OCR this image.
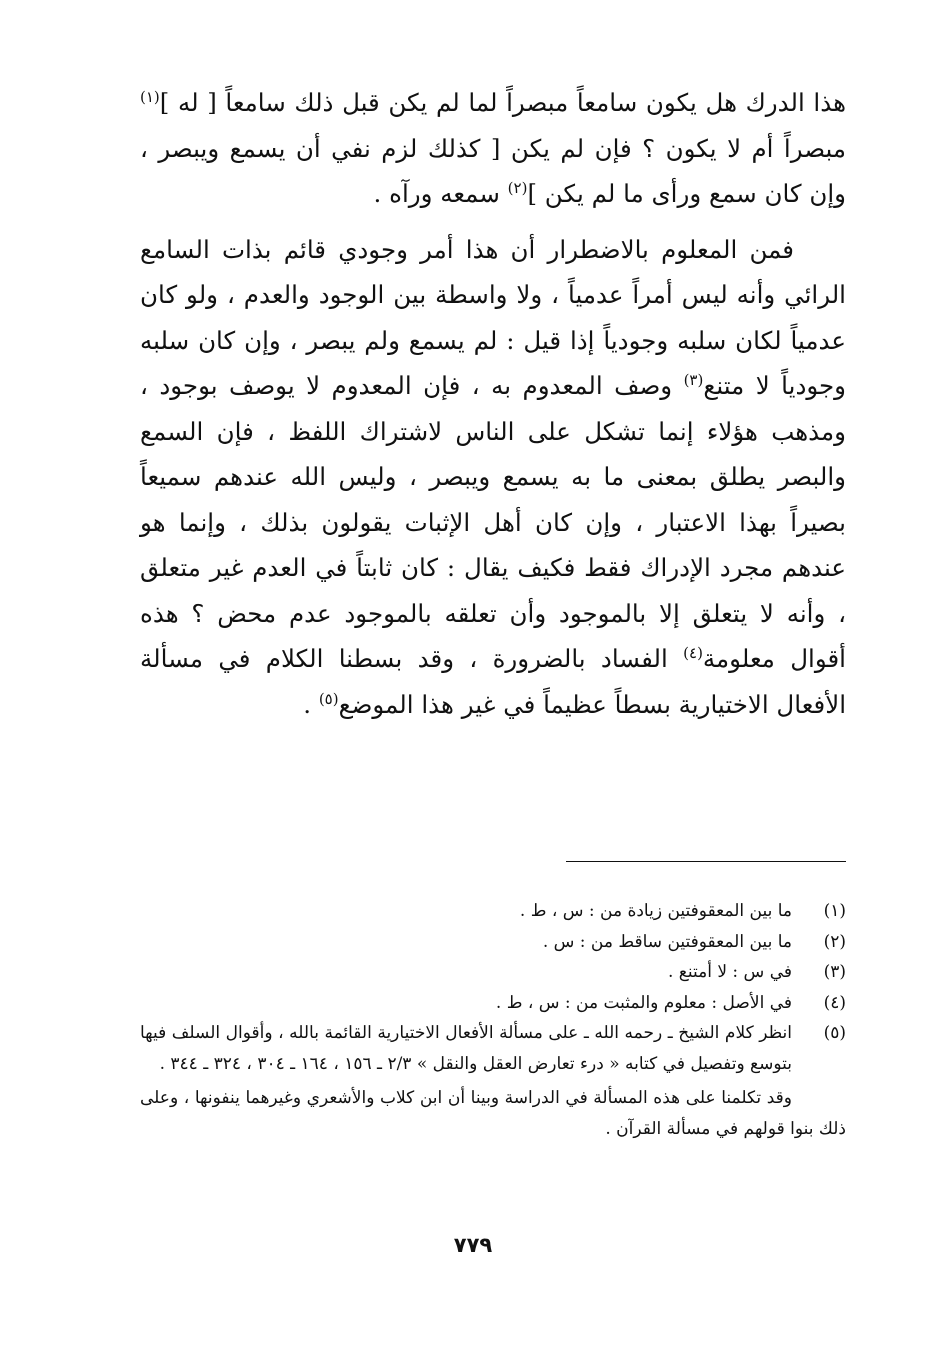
هذا الدرك هل يكون سامعاً مبصراً لما لم يكن قبل ذلك سامعاً [ له ]$^{(١)}$ مبصراً أم لا يكون ؟ فإن لم يكن [ كذلك لزم نفي أن يسمع ويبصر ، وإن كان سمع ورأى ما لم يكن ]$^{(٢)}$ سمعه ورآه .

فمن المعلوم بالاضطرار أن هذا أمر وجودي قائم بذات السامع الرائي وأنه ليس أمراً عدمياً ، ولا واسطة بين الوجود والعدم ، ولو كان عدمياً لكان سلبه وجودياً إذا قيل : لم يسمع ولم يبصر ، وإن كان سلبه وجودياً لا متنع$^{(٣)}$ وصف المعدوم به ، فإن المعدوم لا يوصف بوجود ، ومذهب هؤلاء إنما تشكل على الناس لاشتراك اللفظ ، فإن السمع والبصر يطلق بمعنى ما به يسمع ويبصر ، وليس الله عندهم سميعاً بصيراً بهذا الاعتبار ، وإن كان أهل الإثبات يقولون بذلك ، وإنما هو عندهم مجرد الإدراك فقط فكيف يقال : كان ثابتاً في العدم غير متعلق ، وأنه لا يتعلق إلا بالموجود وأن تعلقه بالموجود عدم محض ؟ هذه أقوال معلومة$^{(٤)}$ الفساد بالضرورة ، وقد بسطنا الكلام في مسألة الأفعال الاختيارية بسطاً عظيماً في غير هذا الموضع$^{(٥)}$ .

(١)
ما بين المعقوفتين زيادة من : س ، ط .
(٢)
ما بين المعقوفتين ساقط من : س .
(٣)
في س : لا أمتنع .
(٤)
في الأصل : معلوم والمثبت من : س ، ط .
(٥)
انظر كلام الشيخ ـ رحمه الله ـ على مسألة الأفعال الاختيارية القائمة بالله ، وأقوال السلف فيها بتوسع وتفصيل في كتابه « درء تعارض العقل والنقل » ٢/٣ ـ ١٥٦ ، ١٦٤ ـ ٣٠٤ ، ٣٢٤ ـ ٣٤٤ .
وقد تكلمنا على هذه المسألة في الدراسة وبينا أن ابن كلاب والأشعري وغيرهما ينفونها ، وعلى ذلك بنوا قولهم في مسألة القرآن .
٧٧٩
